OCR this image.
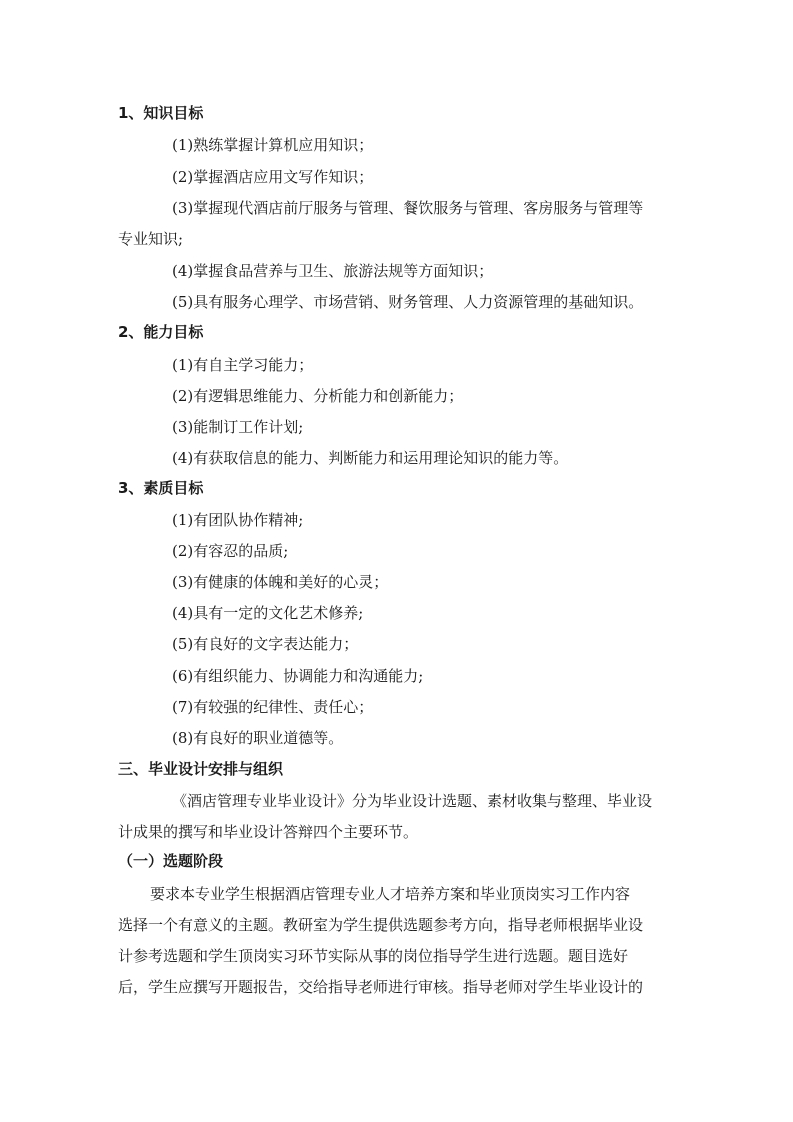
1、知识目标
(1)熟练掌握计算机应用知识；
(2)掌握酒店应用文写作知识；
(3)掌握现代酒店前厅服务与管理、餐饮服务与管理、客房服务与管理等
专业知识;
(4)掌握食品营养与卫生、旅游法规等方面知识；
(5)具有服务心理学、市场营销、财务管理、人力资源管理的基础知识。
2、能力目标
(1)有自主学习能力；
(2)有逻辑思维能力、分析能力和创新能力；
(3)能制订工作计划;
(4)有获取信息的能力、判断能力和运用理论知识的能力等。
3、素质目标
(1)有团队协作精神;
(2)有容忍的品质;
(3)有健康的体魄和美好的心灵；
(4)具有一定的文化艺术修养;
(5)有良好的文字表达能力；
(6)有组织能力、协调能力和沟通能力;
(7)有较强的纪律性、责任心；
(8)有良好的职业道德等。
三、毕业设计安排与组织
《酒店管理专业毕业设计》分为毕业设计选题、素材收集与整理、毕业设
计成果的撰写和毕业设计答辩四个主要环节。
（一）选题阶段
要求本专业学生根据酒店管理专业人才培养方案和毕业顶岗实习工作内容
选择一个有意义的主题。教研室为学生提供选题参考方向，指导老师根据毕业设
计参考选题和学生顶岗实习环节实际从事的岗位指导学生进行选题。题目选好
后，学生应撰写开题报告，交给指导老师进行审核。指导老师对学生毕业设计的
